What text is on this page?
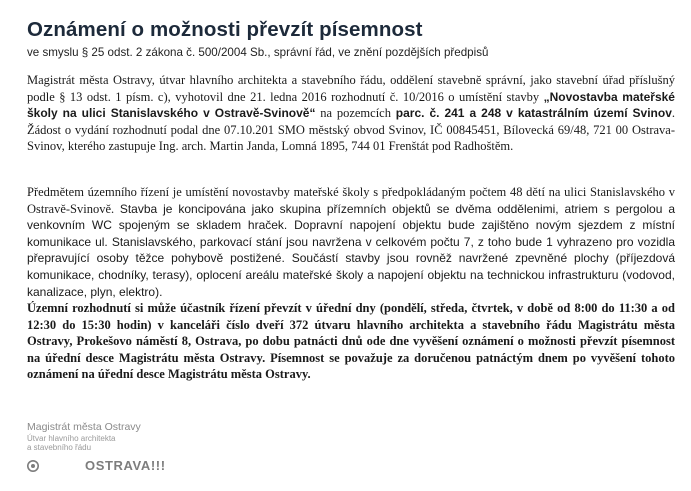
Oznámení o možnosti převzít písemnost

ve smyslu § 25 odst. 2 zákona č. 500/2004 Sb., správní řád, ve znění pozdějších předpisů

Magistrát města Ostravy, útvar hlavního architekta a stavebního řádu, oddělení stavebně správní, jako stavební úřad příslušný podle § 13 odst. 1 písm. c), vyhotovil dne 21. ledna 2016 rozhodnutí č. 10/2016 o umístění stavby „Novostavba mateřské školy na ulici Stanislavského v Ostravě-Svinově“ na pozemcích parc. č. 241 a 248 v katastrálním území Svinov. Žádost o vydání rozhodnutí podal dne 07.10.201 SMO městský obvod Svinov, IČ 00845451, Bílovecká 69/48, 721 00 Ostrava-Svinov, kterého zastupuje Ing. arch. Martin Janda, Lomná 1895, 744 01 Frenštát pod Radhoštěm.

Předmětem územního řízení je umístění novostavby mateřské školy s předpokládaným počtem 48 dětí na ulici Stanislavského v Ostravě-Svinově. Stavba je koncipována jako skupina přízemních objektů se dvěma oddělenimi, atriem s pergolou a venkovním WC spojeným se skladem hraček. Dopravní napojení objektu bude zajištěno novým sjezdem z místní komunikace ul. Stanislavského, parkovací stání jsou navržena v celkovém počtu 7, z toho bude 1 vyhrazeno pro vozidla přepravující osoby těžce pohybově postižené. Součástí stavby jsou rovněž navržené zpevněné plochy (příjezdová komunikace, chodníky, terasy), oplocení areálu mateřské školy a napojení objektu na technickou infrastrukturu (vodovod, kanalizace, plyn, elektro).

Územní rozhodnutí si může účastník řízení převzít v úřední dny (pondělí, středa, čtvrtek, v době od 8:00 do 11:30 a od 12:30 do 15:30 hodin) v kanceláři číslo dveří 372 útvaru hlavního architekta a stavebního řádu Magistrátu města Ostravy, Prokešovo náměstí 8, Ostrava, po dobu patnácti dnů ode dne vyvěšení oznámení o možnosti převzít písemnost na úřední desce Magistrátu města Ostravy. Písemnost se považuje za doručenou patnáctým dnem po vyvěšení tohoto oznámení na úřední desce Magistrátu města Ostravy.

Magistrát města Ostravy
Útvar hlavního architekta
a stavebního řádu
OSTRAVA!!!
